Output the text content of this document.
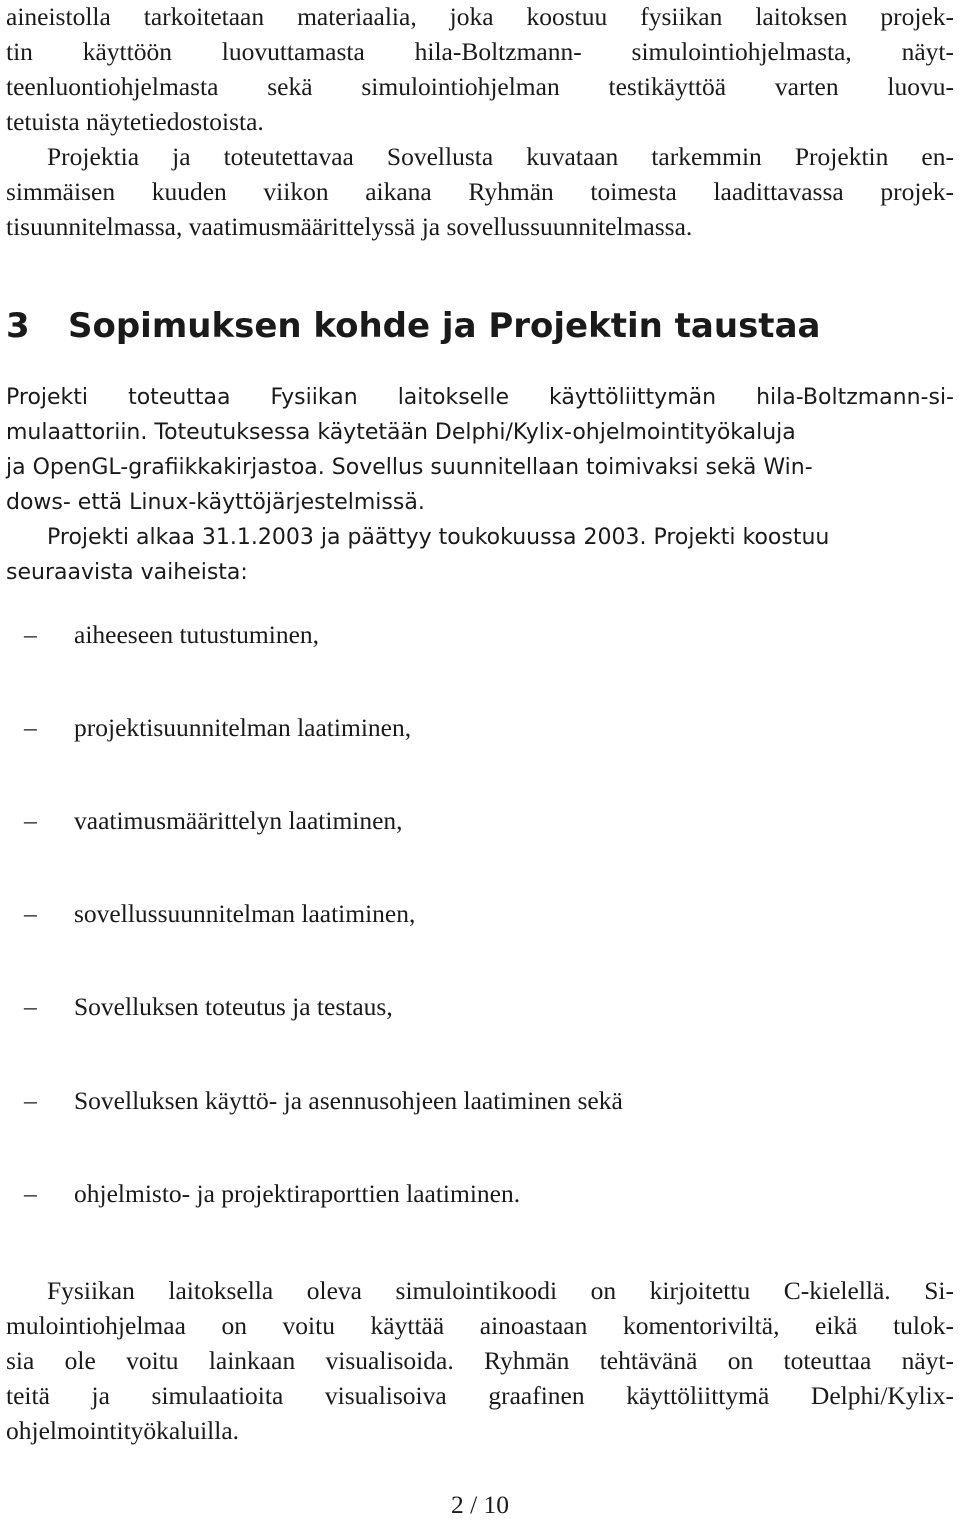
aineistolla tarkoitetaan materiaalia, joka koostuu fysiikan laitoksen projek-
tin käyttöön luovuttamasta hila-Boltzmann- simulointiohjelmasta, näyt-
teenluontiohjelmasta sekä simulointiohjelman testikäyttöä varten luovu-
tetuista näytetiedostoista.
Projektia ja toteutettavaa Sovellusta kuvataan tarkemmin Projektin en-
simmäisen kuuden viikon aikana Ryhmän toimesta laadittavassa projek-
tisuunnitelmassa, vaatimusmäärittelyssä ja sovellussuunnitelmassa.
3 Sopimuksen kohde ja Projektin taustaa
Projekti toteuttaa Fysiikan laitokselle käyttöliittymän hila-Boltzmann-si-
mulaattoriin. Toteutuksessa käytetään Delphi/Kylix-ohjelmointityökaluja
ja OpenGL-grafiikkakirjastoa. Sovellus suunnitellaan toimivaksi sekä Win-
dows- että Linux-käyttöjärjestelmissä.
Projekti alkaa 31.1.2003 ja päättyy toukokuussa 2003. Projekti koostuu
seuraavista vaiheista:
– aiheeseen tutustuminen,
– projektisuunnitelman laatiminen,
– vaatimusmäärittelyn laatiminen,
– sovellussuunnitelman laatiminen,
– Sovelluksen toteutus ja testaus,
– Sovelluksen käyttö- ja asennusohjeen laatiminen sekä
– ohjelmisto- ja projektiraporttien laatiminen.
Fysiikan laitoksella oleva simulointikoodi on kirjoitettu C-kielellä. Si-
mulointiohjelmaa on voitu käyttää ainoastaan komentoriviltä, eikä tulok-
sia ole voitu lainkaan visualisoida. Ryhmän tehtävänä on toteuttaa näyt-
teitä ja simulaatioita visualisoiva graafinen käyttöliittymä Delphi/Kylix-
ohjelmointityökaluilla.
2 / 10
